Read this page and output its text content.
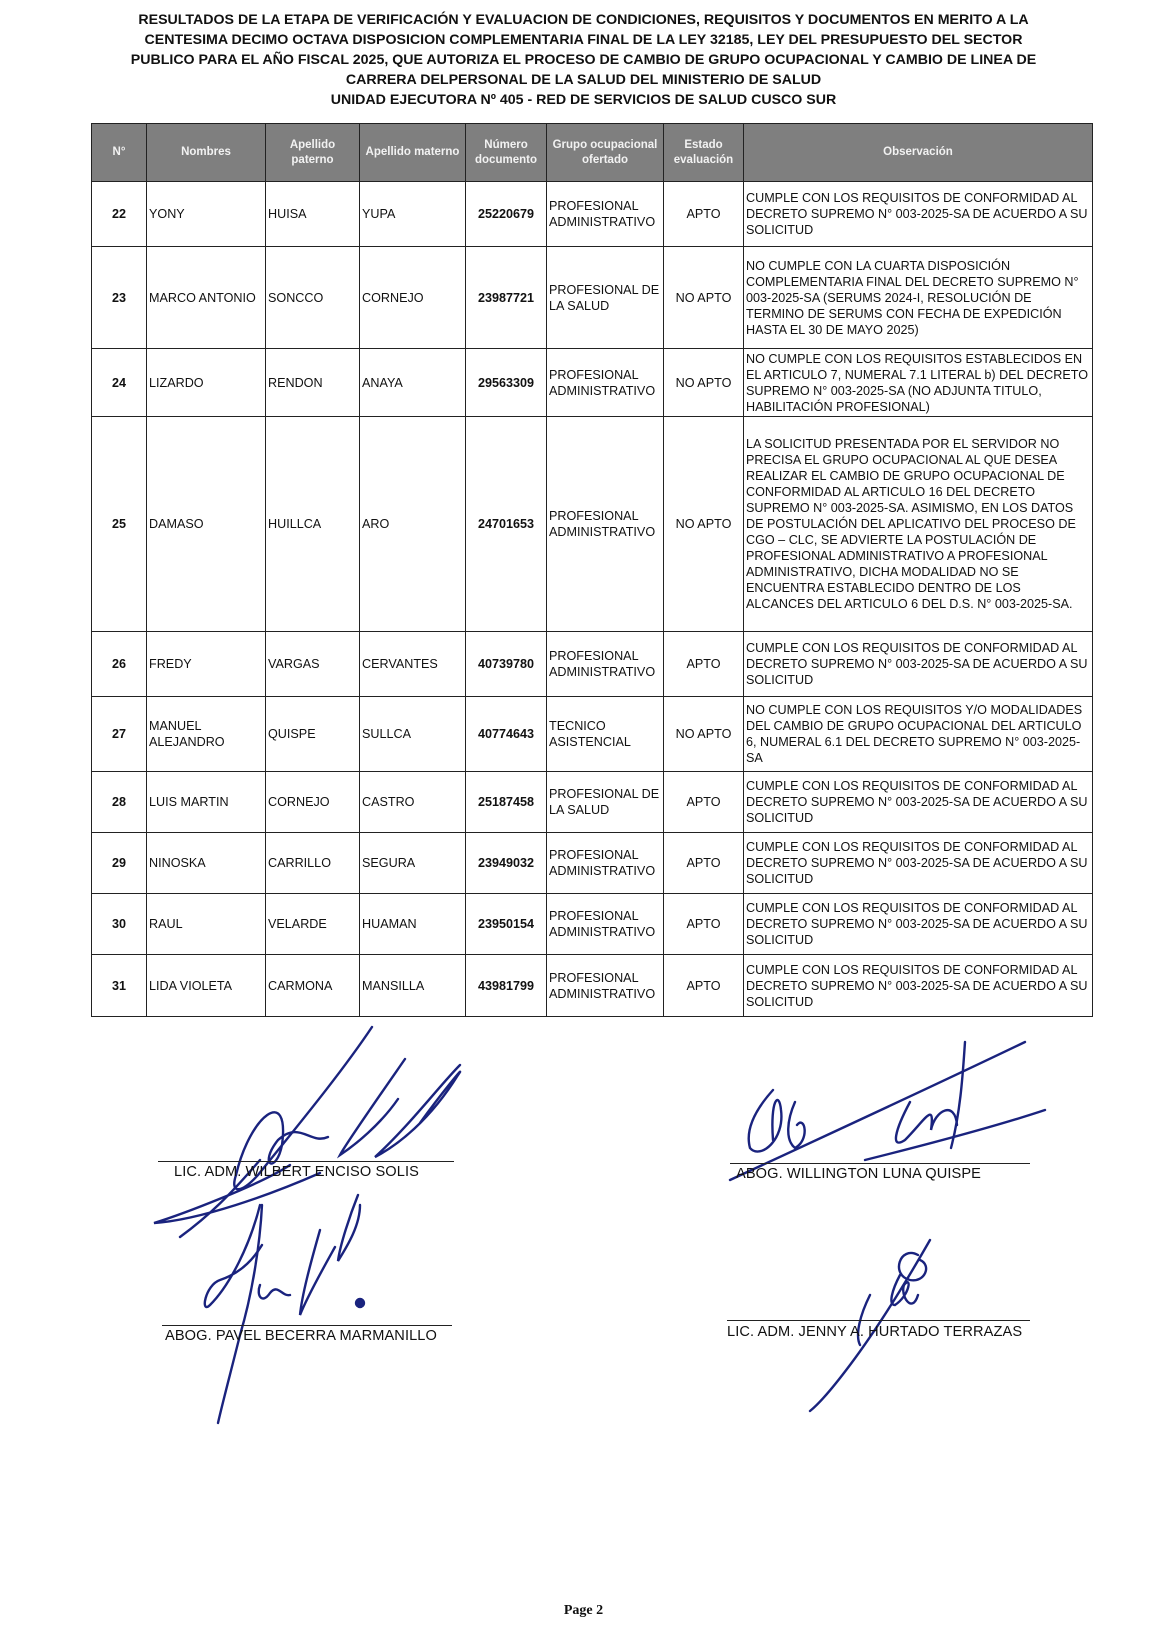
RESULTADOS DE LA ETAPA DE VERIFICACIÓN Y EVALUACION DE CONDICIONES, REQUISITOS Y DOCUMENTOS EN MERITO A LA
CENTESIMA DECIMO OCTAVA DISPOSICION COMPLEMENTARIA FINAL DE LA LEY 32185, LEY DEL PRESUPUESTO DEL SECTOR
PUBLICO PARA EL AÑO FISCAL 2025, QUE AUTORIZA EL PROCESO DE CAMBIO DE GRUPO OCUPACIONAL Y CAMBIO DE LINEA DE
CARRERA DELPERSONAL DE LA SALUD DEL MINISTERIO DE SALUD
UNIDAD EJECUTORA Nº 405 - RED DE SERVICIOS DE SALUD CUSCO SUR
N°	Nombres	Apellido paterno	Apellido materno	Número documento	Grupo ocupacional ofertado	Estado evaluación	Observación
22	YONY	HUISA	YUPA	25220679	PROFESIONAL ADMINISTRATIVO	APTO	CUMPLE CON LOS REQUISITOS DE CONFORMIDAD AL DECRETO SUPREMO N° 003-2025-SA DE ACUERDO A SU SOLICITUD
23	MARCO ANTONIO	SONCCO	CORNEJO	23987721	PROFESIONAL DE LA SALUD	NO APTO	NO CUMPLE CON LA CUARTA DISPOSICIÓN COMPLEMENTARIA FINAL DEL DECRETO SUPREMO N° 003-2025-SA (SERUMS 2024-I, RESOLUCIÓN DE TERMINO DE SERUMS CON FECHA DE EXPEDICIÓN HASTA EL 30 DE MAYO 2025)
24	LIZARDO	RENDON	ANAYA	29563309	PROFESIONAL ADMINISTRATIVO	NO APTO	NO CUMPLE CON LOS REQUISITOS ESTABLECIDOS EN EL ARTICULO 7, NUMERAL 7.1 LITERAL b) DEL DECRETO SUPREMO N° 003-2025-SA (NO ADJUNTA TITULO, HABILITACIÓN PROFESIONAL)
25	DAMASO	HUILLCA	ARO	24701653	PROFESIONAL ADMINISTRATIVO	NO APTO	LA SOLICITUD PRESENTADA POR EL SERVIDOR NO PRECISA EL GRUPO OCUPACIONAL AL QUE DESEA REALIZAR EL CAMBIO DE GRUPO OCUPACIONAL DE CONFORMIDAD AL ARTICULO 16 DEL DECRETO SUPREMO N° 003-2025-SA. ASIMISMO, EN LOS DATOS DE POSTULACIÓN DEL APLICATIVO DEL PROCESO DE CGO – CLC, SE ADVIERTE LA POSTULACIÓN DE PROFESIONAL ADMINISTRATIVO A PROFESIONAL ADMINISTRATIVO, DICHA MODALIDAD NO SE ENCUENTRA ESTABLECIDO DENTRO DE LOS ALCANCES DEL ARTICULO 6 DEL D.S. N° 003-2025-SA.
26	FREDY	VARGAS	CERVANTES	40739780	PROFESIONAL ADMINISTRATIVO	APTO	CUMPLE CON LOS REQUISITOS DE CONFORMIDAD AL DECRETO SUPREMO N° 003-2025-SA DE ACUERDO A SU SOLICITUD
27	MANUEL ALEJANDRO	QUISPE	SULLCA	40774643	TECNICO ASISTENCIAL	NO APTO	NO CUMPLE CON LOS REQUISITOS Y/O MODALIDADES DEL CAMBIO DE GRUPO OCUPACIONAL DEL ARTICULO 6, NUMERAL 6.1 DEL DECRETO SUPREMO N° 003-2025-SA
28	LUIS MARTIN	CORNEJO	CASTRO	25187458	PROFESIONAL DE LA SALUD	APTO	CUMPLE CON LOS REQUISITOS DE CONFORMIDAD AL DECRETO SUPREMO N° 003-2025-SA DE ACUERDO A SU SOLICITUD
29	NINOSKA	CARRILLO	SEGURA	23949032	PROFESIONAL ADMINISTRATIVO	APTO	CUMPLE CON LOS REQUISITOS DE CONFORMIDAD AL DECRETO SUPREMO N° 003-2025-SA DE ACUERDO A SU SOLICITUD
30	RAUL	VELARDE	HUAMAN	23950154	PROFESIONAL ADMINISTRATIVO	APTO	CUMPLE CON LOS REQUISITOS DE CONFORMIDAD AL DECRETO SUPREMO N° 003-2025-SA DE ACUERDO A SU SOLICITUD
31	LIDA VIOLETA	CARMONA	MANSILLA	43981799	PROFESIONAL ADMINISTRATIVO	APTO	CUMPLE CON LOS REQUISITOS DE CONFORMIDAD AL DECRETO SUPREMO N° 003-2025-SA DE ACUERDO A SU SOLICITUD
LIC. ADM. WILBERT ENCISO SOLIS	ABOG. WILLINGTON LUNA QUISPE
ABOG. PAVEL BECERRA MARMANILLO	LIC. ADM. JENNY A. HURTADO TERRAZAS
Page 2
